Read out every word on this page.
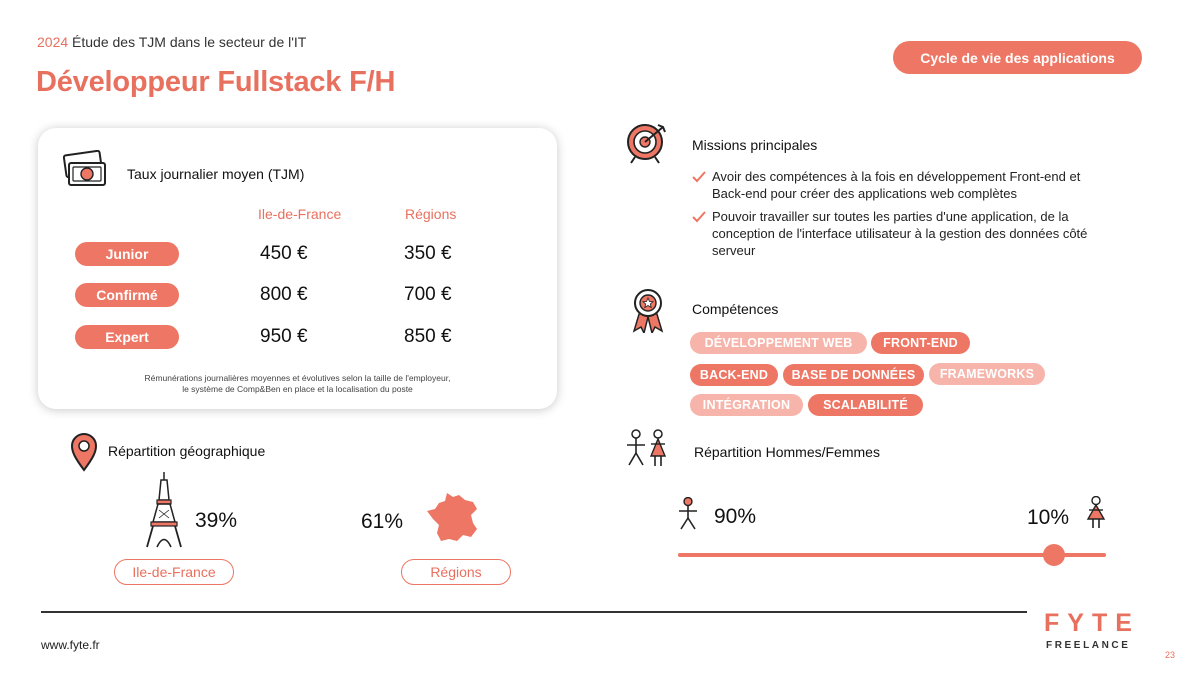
2024 Étude des TJM dans le secteur de l'IT
Développeur Fullstack F/H
Cycle de vie des applications
Taux journalier moyen (TJM)
Ile-de-France	Régions
Junior	450 €	350 €
Confirmé	800 €	700 €
Expert	950 €	850 €
Rémunérations journalières moyennes et évolutives selon la taille de l'employeur,
le système de Comp&Ben en place et la localisation du poste
Missions principales
Avoir des compétences à la fois en développement Front-end et Back-end pour créer des applications web complètes
Pouvoir travailler sur toutes les parties d'une application, de la conception de l'interface utilisateur à la gestion des données côté serveur
Compétences
DÉVELOPPEMENT WEB	FRONT-END
BACK-END	BASE DE DONNÉES	FRAMEWORKS
INTÉGRATION	SCALABILITÉ
Répartition géographique
39%
Ile-de-France
61%
Régions
Répartition Hommes/Femmes
90%	10%
www.fyte.fr
FYTE
FREELANCE
23
